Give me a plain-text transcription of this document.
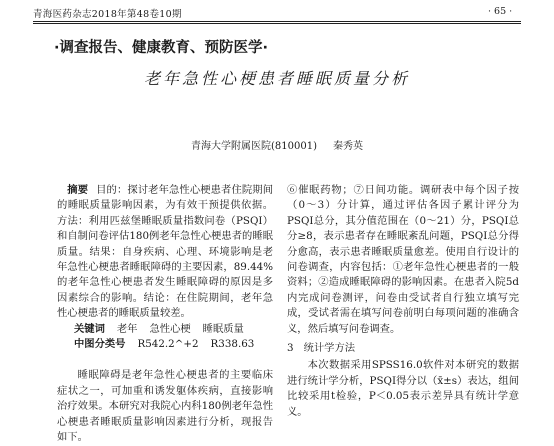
青海医药杂志2018年第48卷10期	· 65 ·
·调查报告、健康教育、预防医学·
老年急性心梗患者睡眠质量分析
青海大学附属医院(810001) 秦秀英

摘要 目的：探讨老年急性心梗患者住院期间的睡眠质量影响因素，为有效干预提供依据。方法：利用匹兹堡睡眠质量指数问卷（PSQI）和自制问卷评估180例老年急性心梗患者的睡眠质量。结果：自身疾病、心理、环境影响是老年急性心梗患者睡眠障碍的主要因素，89.44%的老年急性心梗患者发生睡眠障碍的原因是多因素综合的影响。结论：在住院期间，老年急性心梗患者的睡眠质量较差。

关键词 老年 急性心梗 睡眠质量
中图分类号 R542.2^+2 R338.63

睡眠障碍是老年急性心梗患者的主要临床症状之一，可加重和诱发躯体疾病，直接影响治疗效果。本研究对我院心内科180例老年急性心梗患者睡眠质量影响因素进行分析，现报告如下。

⑥催眠药物；⑦日间功能。调研表中每个因子按（0～3）分计算，通过评估各因子累计评分为PSQI总分，其分值范围在（0～21）分，PSQI总分≥8，表示患者存在睡眠紊乱问题，PSQI总分得分愈高，表示患者睡眠质量愈差。使用自行设计的问卷调查，内容包括：①老年急性心梗患者的一般资料；②造成睡眠障碍的影响因素。在患者入院5d内完成问卷测评，问卷由受试者自行独立填写完成，受试者需在填写问卷前明白每项问题的准确含义，然后填写问卷调查。

3 统计学方法

本次数据采用SPSS16.0软件对本研究的数据进行统计学分析，PSQI得分以（x̄±s）表达，组间比较采用t检验，P＜0.05表示差异具有统计学意义。
